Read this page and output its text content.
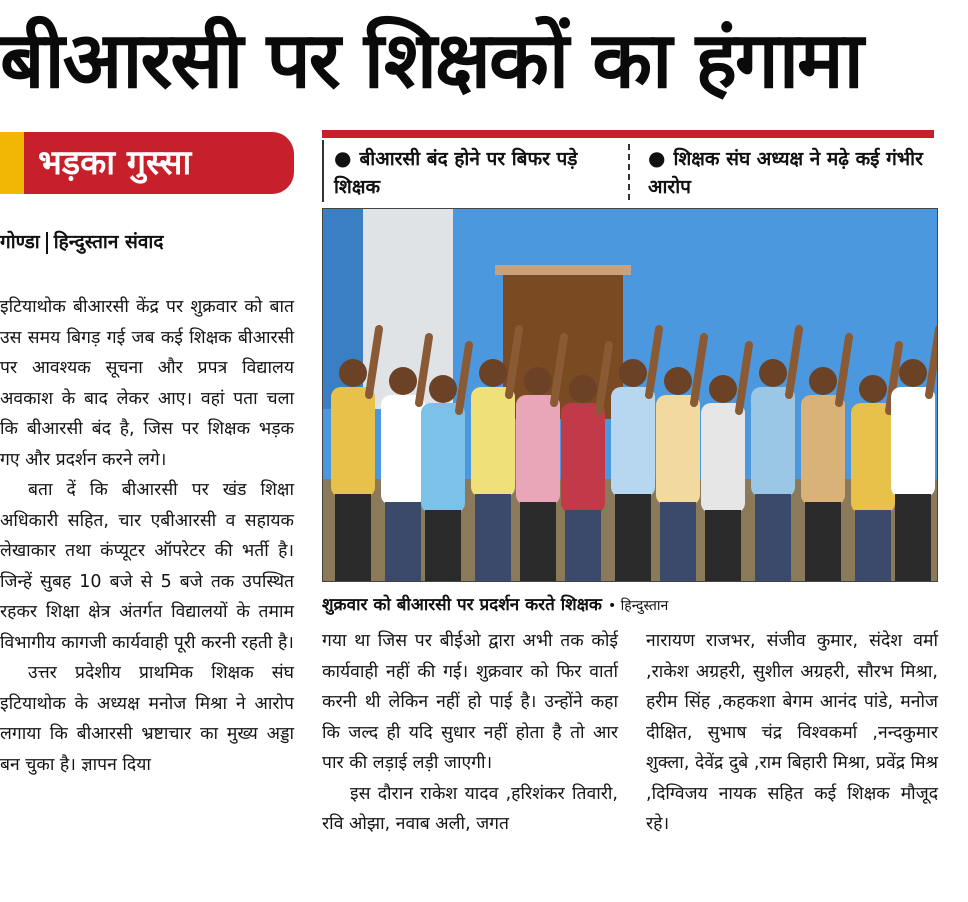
बीआरसी पर शिक्षकों का हंगामा
भड़का गुस्सा	● बीआरसी बंद होने पर बिफर पड़े शिक्षक
● शिक्षक संघ अध्यक्ष ने मढ़े कई गंभीर आरोप
शुक्रवार को बीआरसी पर प्रदर्शन करते शिक्षक • हिन्दुस्तान
गोण्डा हिन्दुस्तान संवाद

इटियाथोक बीआरसी केंद्र पर शुक्रवार को बात उस समय बिगड़ गई जब कई शिक्षक बीआरसी पर आवश्यक सूचना और प्रपत्र विद्यालय अवकाश के बाद लेकर आए। वहां पता चला कि बीआरसी बंद है, जिस पर शिक्षक भड़क गए और प्रदर्शन करने लगे।

बता दें कि बीआरसी पर खंड शिक्षा अधिकारी सहित, चार एबीआरसी व सहायक लेखाकार तथा कंप्यूटर ऑपरेटर की भर्ती है। जिन्हें सुबह 10 बजे से 5 बजे तक उपस्थित रहकर शिक्षा क्षेत्र अंतर्गत विद्यालयों के तमाम विभागीय कागजी कार्यवाही पूरी करनी रहती है।

उत्तर प्रदेशीय प्राथमिक शिक्षक संघ इटियाथोक के अध्यक्ष मनोज मिश्रा ने आरोप लगाया कि बीआरसी भ्रष्टाचार का मुख्य अड्डा बन चुका है। ज्ञापन दिया

गया था जिस पर बीईओ द्वारा अभी तक कोई कार्यवाही नहीं की गई। शुक्रवार को फिर वार्ता करनी थी लेकिन नहीं हो पाई है। उन्होंने कहा कि जल्द ही यदि सुधार नहीं होता है तो आर पार की लड़ाई लड़ी जाएगी।

इस दौरान राकेश यादव ,हरिशंकर तिवारी, रवि ओझा, नवाब अली, जगत

नारायण राजभर, संजीव कुमार, संदेश वर्मा ,राकेश अग्रहरी, सुशील अग्रहरी, सौरभ मिश्रा, हरीम सिंह ,कहकशा बेगम आनंद पांडे, मनोज दीक्षित, सुभाष चंद्र विश्वकर्मा ,नन्दकुमार शुक्ला, देवेंद्र दुबे ,राम बिहारी मिश्रा, प्रवेंद्र मिश्र ,दिग्विजय नायक सहित कई शिक्षक मौजूद रहे।
